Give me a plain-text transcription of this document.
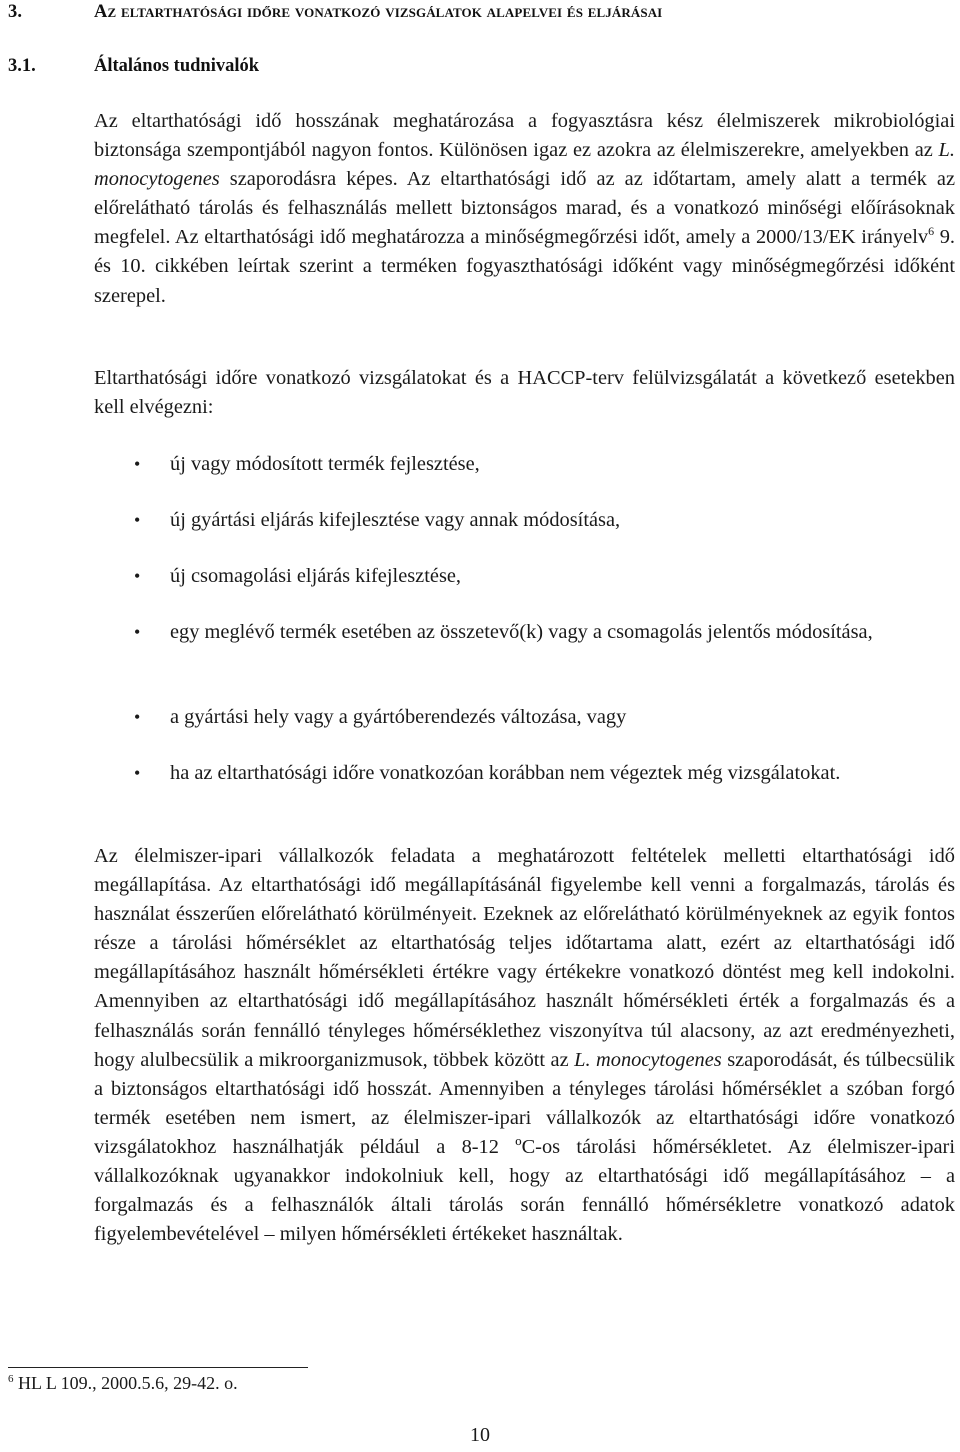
3.	Az eltarthatósági időre vonatkozó vizsgálatok alapelvei és eljárásai
3.1.	Általános tudnivalók

Az eltarthatósági idő hosszának meghatározása a fogyasztásra kész élelmiszerek mikrobiológiai biztonsága szempontjából nagyon fontos. Különösen igaz ez azokra az élelmiszerekre, amelyekben az L. monocytogenes szaporodásra képes. Az eltarthatósági idő az az időtartam, amely alatt a termék az előrelátható tárolás és felhasználás mellett biztonságos marad, és a vonatkozó minőségi előírásoknak megfelel. Az eltarthatósági idő meghatározza a minőségmegőrzési időt, amely a 2000/13/EK irányelv$^6$ 9. és 10. cikkében leírtak szerint a terméken fogyaszthatósági időként vagy minőségmegőrzési időként szerepel.

Eltarthatósági időre vonatkozó vizsgálatokat és a HACCP-terv felülvizsgálatát a következő esetekben kell elvégezni:

• új vagy módosított termék fejlesztése,
• új gyártási eljárás kifejlesztése vagy annak módosítása,
• új csomagolási eljárás kifejlesztése,
• egy meglévő termék esetében az összetevő(k) vagy a csomagolás jelentős módosítása,
• a gyártási hely vagy a gyártóberendezés változása, vagy
• ha az eltarthatósági időre vonatkozóan korábban nem végeztek még vizsgálatokat.

Az élelmiszer-ipari vállalkozók feladata a meghatározott feltételek melletti eltarthatósági idő megállapítása. Az eltarthatósági idő megállapításánál figyelembe kell venni a forgalmazás, tárolás és használat ésszerűen előrelátható körülményeit. Ezeknek az előrelátható körülményeknek az egyik fontos része a tárolási hőmérséklet az eltarthatóság teljes időtartama alatt, ezért az eltarthatósági idő megállapításához használt hőmérsékleti értékre vagy értékekre vonatkozó döntést meg kell indokolni. Amennyiben az eltarthatósági idő megállapításához használt hőmérsékleti érték a forgalmazás és a felhasználás során fennálló tényleges hőmérséklethez viszonyítva túl alacsony, az azt eredményezheti, hogy alulbecsülik a mikroorganizmusok, többek között az L. monocytogenes szaporodását, és túlbecsülik a biztonságos eltarthatósági idő hosszát. Amennyiben a tényleges tárolási hőmérséklet a szóban forgó termék esetében nem ismert, az élelmiszer-ipari vállalkozók az eltarthatósági időre vonatkozó vizsgálatokhoz használhatják például a 8-12 ºC-os tárolási hőmérsékletet. Az élelmiszer-ipari vállalkozóknak ugyanakkor indokolniuk kell, hogy az eltarthatósági idő megállapításához – a forgalmazás és a felhasználók általi tárolás során fennálló hőmérsékletre vonatkozó adatok figyelembevételével – milyen hőmérsékleti értékeket használtak.

$^6$ HL L 109., 2000.5.6, 29-42. o.
10
